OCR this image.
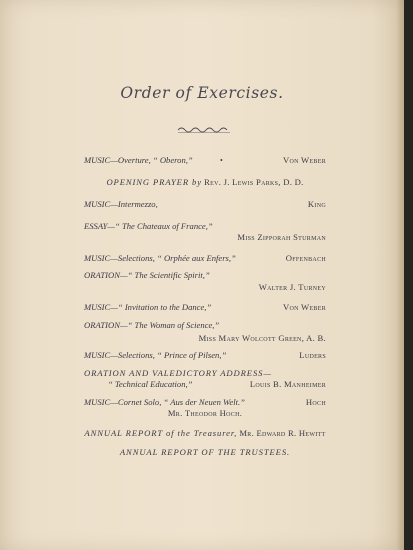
Order of Exercises.
MUSIC—Overture, “ Oberon,”	•	Von Weber
OPENING PRAYER by Rev. J. Lewis Parks, D. D.
MUSIC—Intermezzo,	King
ESSAY—“ The Chateaux of France,”
Miss Zipporah Sturman
MUSIC—Selections, “ Orphée aux Enfers,”	Offenbach
ORATION—“ The Scientific Spirit,”
Walter J. Turney
MUSIC—“ Invitation to the Dance,”	Von Weber
ORATION—“ The Woman of Science,”
Miss Mary Wolcott Green, A. B.
MUSIC—Selections, “ Prince of Pilsen,”	Luders
ORATION AND VALEDICTORY ADDRESS—
“ Technical Education,”	Louis B. Manheimer
MUSIC—Cornet Solo, “ Aus der Neuen Welt.”	Hoch
Mr. Theodor Hoch.
ANNUAL REPORT of the Treasurer, Mr. Edward R. Hewitt
ANNUAL REPORT OF THE TRUSTEES.
